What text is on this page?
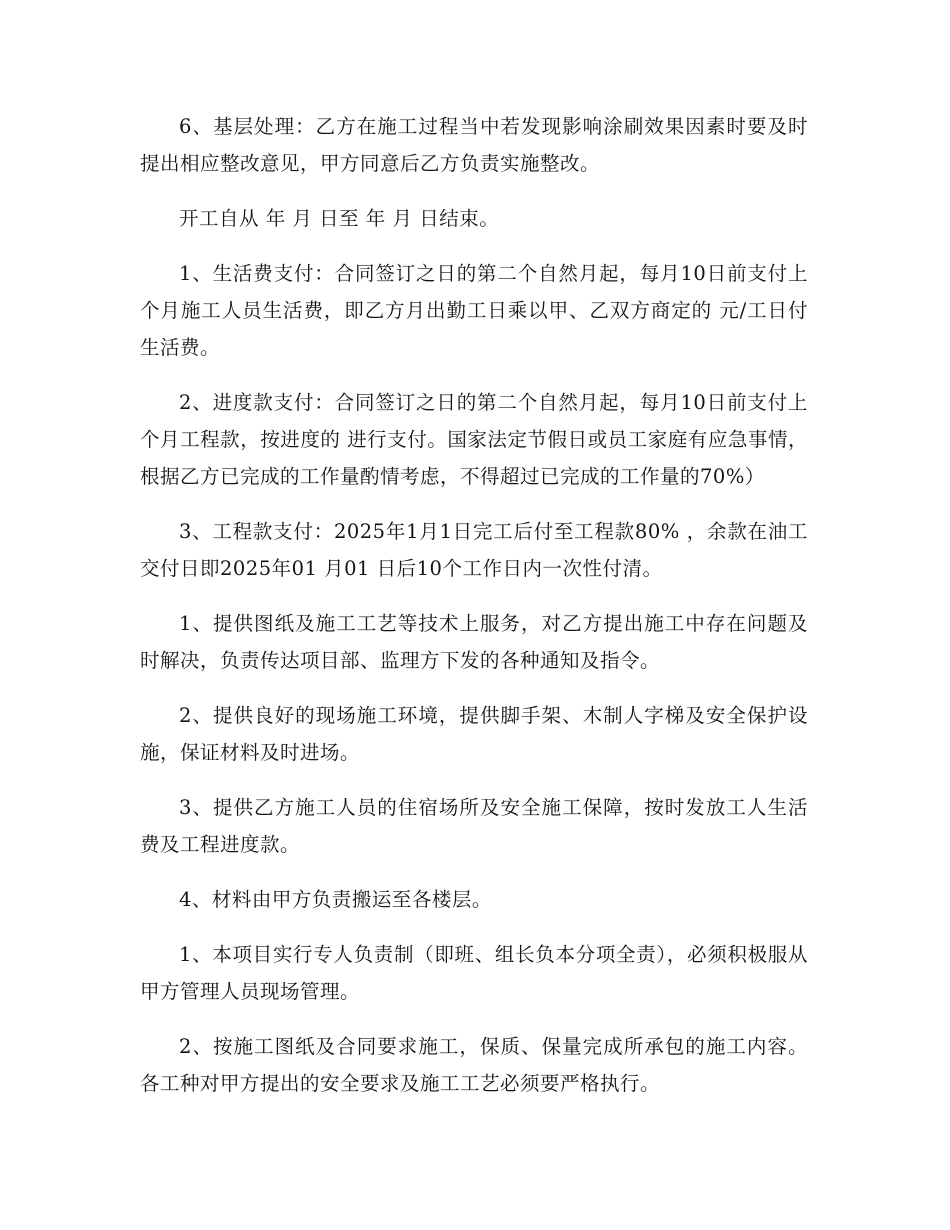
6、基层处理：乙方在施工过程当中若发现影响涂刷效果因素时要及时提出相应整改意见，甲方同意后乙方负责实施整改。

开工自从 年 月 日至 年 月 日结束。

1、生活费支付：合同签订之日的第二个自然月起，每月10日前支付上个月施工人员生活费，即乙方月出勤工日乘以甲、乙双方商定的 元/工日付生活费。

2、进度款支付：合同签订之日的第二个自然月起，每月10日前支付上个月工程款，按进度的 进行支付。国家法定节假日或员工家庭有应急事情，根据乙方已完成的工作量酌情考虑，不得超过已完成的工作量的70%）

3、工程款支付：2025年1月1日完工后付至工程款80% ，余款在油工交付日即2025年01 月01 日后10个工作日内一次性付清。

1、提供图纸及施工工艺等技术上服务，对乙方提出施工中存在问题及时解决，负责传达项目部、监理方下发的各种通知及指令。

2、提供良好的现场施工环境，提供脚手架、木制人字梯及安全保护设施，保证材料及时进场。

3、提供乙方施工人员的住宿场所及安全施工保障，按时发放工人生活费及工程进度款。

4、材料由甲方负责搬运至各楼层。

1、本项目实行专人负责制（即班、组长负本分项全责），必须积极服从甲方管理人员现场管理。

2、按施工图纸及合同要求施工，保质、保量完成所承包的施工内容。各工种对甲方提出的安全要求及施工工艺必须要严格执行。
